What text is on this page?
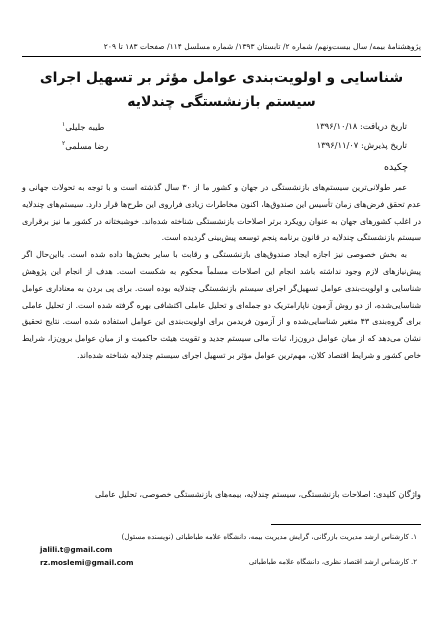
پژوهشنامهٔ بیمه/ سال بیست‌ونهم/ شماره ۲/ تابستان ۱۳۹۳/ شماره مسلسل ۱۱۴/ صفحات ۱۸۳ تا ۲۰۹
شناسایی و اولویت‌بندی عوامل مؤثر بر تسهیل اجرای
سیستم بازنشستگی چندلایه
تاریخ دریافت: ۱۳۹۶/۱۰/۱۸
تاریخ پذیرش: ۱۳۹۶/۱۱/۰۷
طیبه جلیلی$^۱$
رضا مسلمی$^۲$
چکیده

عمر طولانی‌ترین سیستم‌های بازنشستگی در جهان و کشور ما از ۳۰ سال گذشته است و با توجه به تحولات جهانی و عدم تحقق فرض‌های زمان تأسیس این صندوق‌ها، اکنون مخاطرات زیادی فراروی این طرح‌ها قرار دارد. سیستم‌های چندلایه در اغلب کشورهای جهان به عنوان رویکرد برتر اصلاحات بازنشستگی شناخته شده‌اند. خوشبختانه در کشور ما نیز برقراری سیستم بازنشستگی چندلایه در قانون برنامه پنجم توسعه پیش‌بینی گردیده است.

به بخش خصوصی نیز اجازه ایجاد صندوق‌های بازنشستگی و رقابت با سایر بخش‌ها داده شده است. بااین‌حال اگر پیش‌نیازهای لازم وجود نداشته باشد انجام این اصلاحات مسلماً محکوم به شکست است. هدف از انجام این پژوهش شناسایی و اولویت‌بندی عوامل تسهیل‌گر اجرای سیستم بازنشستگی چندلایه بوده است. برای پی بردن به معناداری عوامل شناسایی‌شده، از دو روش آزمون ناپارامتریک دو جمله‌ای و تحلیل عاملی اکتشافی بهره گرفته شده است. از تحلیل عاملی برای گروه‌بندی ۴۳ متغیر شناسایی‌شده و از آزمون فریدمن برای اولویت‌بندی این عوامل استفاده شده است. نتایج تحقیق نشان می‌دهد که از میان عوامل درون‌زا، ثبات مالی سیستم جدید و تقویت هیئت حاکمیت و از میان عوامل برون‌زا، شرایط خاص کشور و شرایط اقتصاد کلان، مهم‌ترین عوامل مؤثر بر تسهیل اجرای سیستم چندلایه شناخته شده‌اند.

واژگان کلیدی: اصلاحات بازنشستگی، سیستم چندلایه، بیمه‌های بازنشستگی خصوصی، تحلیل عاملی
۱. کارشناس ارشد مدیریت بازرگانی، گرایش مدیریت بیمه، دانشگاه علامه طباطبائی (نویسنده مسئول)
jalili.t@gmail.com
۲. کارشناس ارشد اقتصاد نظری، دانشگاه علامه طباطبائی
rz.moslemi@gmail.com
